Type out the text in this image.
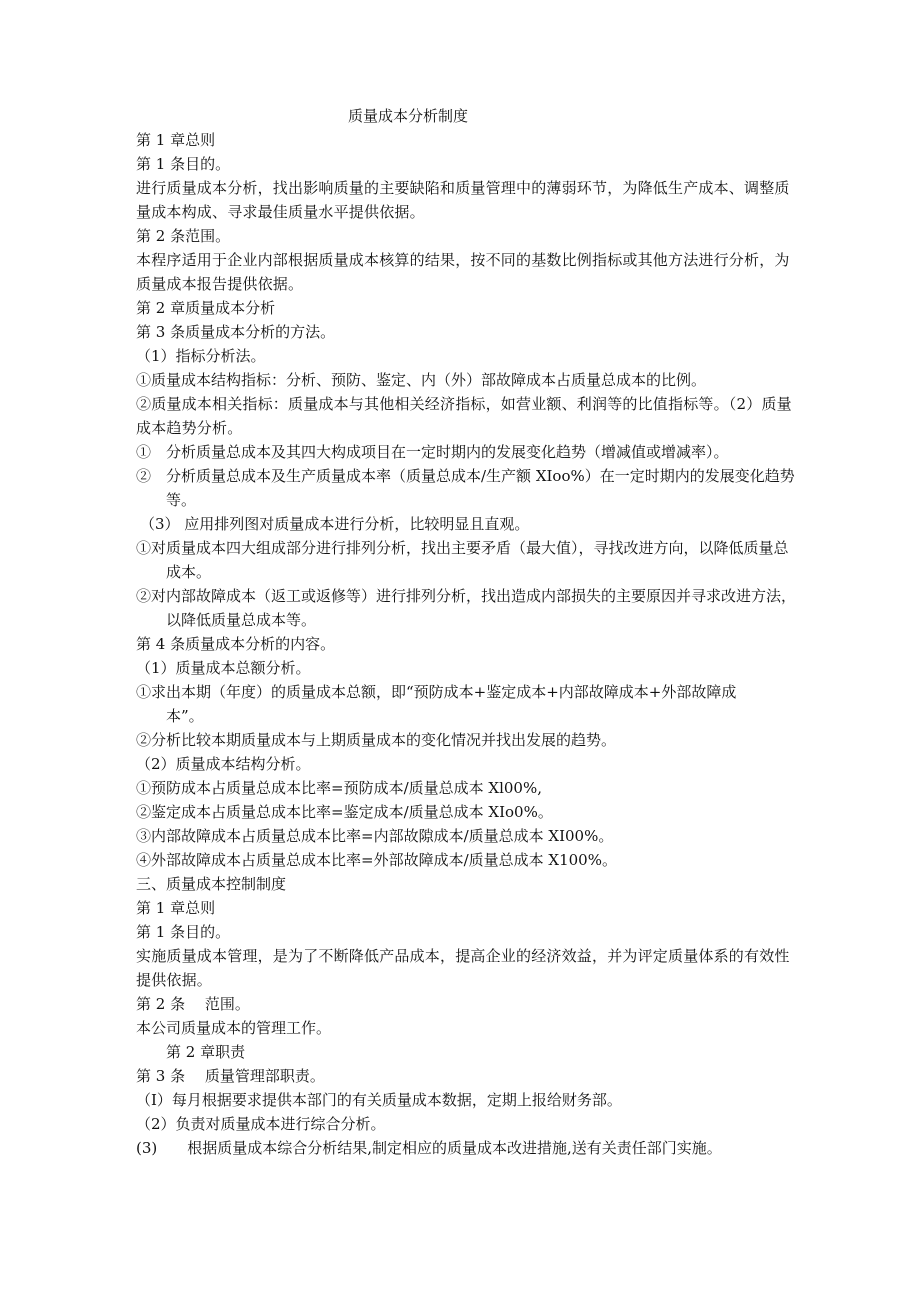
质量成本分析制度
第 1 章总则
第 1 条目的。
进行质量成本分析，找出影响质量的主要缺陷和质量管理中的薄弱环节，为降低生产成本、调整质量成本构成、寻求最佳质量水平提供依据。
第 2 条范围。
本程序适用于企业内部根据质量成本核算的结果，按不同的基数比例指标或其他方法进行分析，为质量成本报告提供依据。
第 2 章质量成本分析
第 3 条质量成本分析的方法。
（1）指标分析法。
①质量成本结构指标：分析、预防、鉴定、内（外）部故障成本占质量总成本的比例。
②质量成本相关指标：质量成本与其他相关经济指标，如营业额、利润等的比值指标等。（2）质量成本趋势分析。
①　分析质量总成本及其四大构成项目在一定时期内的发展变化趋势（增减值或增减率）。
②　分析质量总成本及生产质量成本率（质量总成本/生产额 XIoo%）在一定时期内的发展变化趋势等。
（3） 应用排列图对质量成本进行分析，比较明显且直观。
①对质量成本四大组成部分进行排列分析，找出主要矛盾（最大值），寻找改进方向，以降低质量总成本。
②对内部故障成本（返工或返修等）进行排列分析，找出造成内部损失的主要原因并寻求改进方法，以降低质量总成本等。
第 4 条质量成本分析的内容。
（1）质量成本总额分析。
①求出本期（年度）的质量成本总额，即“预防成本+鉴定成本+内部故障成本+外部故障成本”。
②分析比较本期质量成本与上期质量成本的变化情况并找出发展的趋势。
（2）质量成本结构分析。
①预防成本占质量总成本比率=预防成本/质量总成本 Xl00%,
②鉴定成本占质量总成本比率=鉴定成本/质量总成本 XIo0%。
③内部故障成本占质量总成本比率=内部故隙成本/质量总成本 XI00%。
④外部故障成本占质量总成本比率=外部故障成本/质量总成本 X100%。
三、质量成本控制制度
第 1 章总则
第 1 条目的。
实施质量成本管理，是为了不断降低产品成本，提高企业的经济效益，并为评定质量体系的有效性提供依据。
第 2 条　 范围。
本公司质量成本的管理工作。
第 2 章职责
第 3 条　 质量管理部职责。
（I）每月根据要求提供本部门的有关质量成本数据，定期上报给财务部。
（2）负责对质量成本进行综合分析。
(3)　　根据质量成本综合分析结果,制定相应的质量成本改进措施,送有关责任部门实施。
